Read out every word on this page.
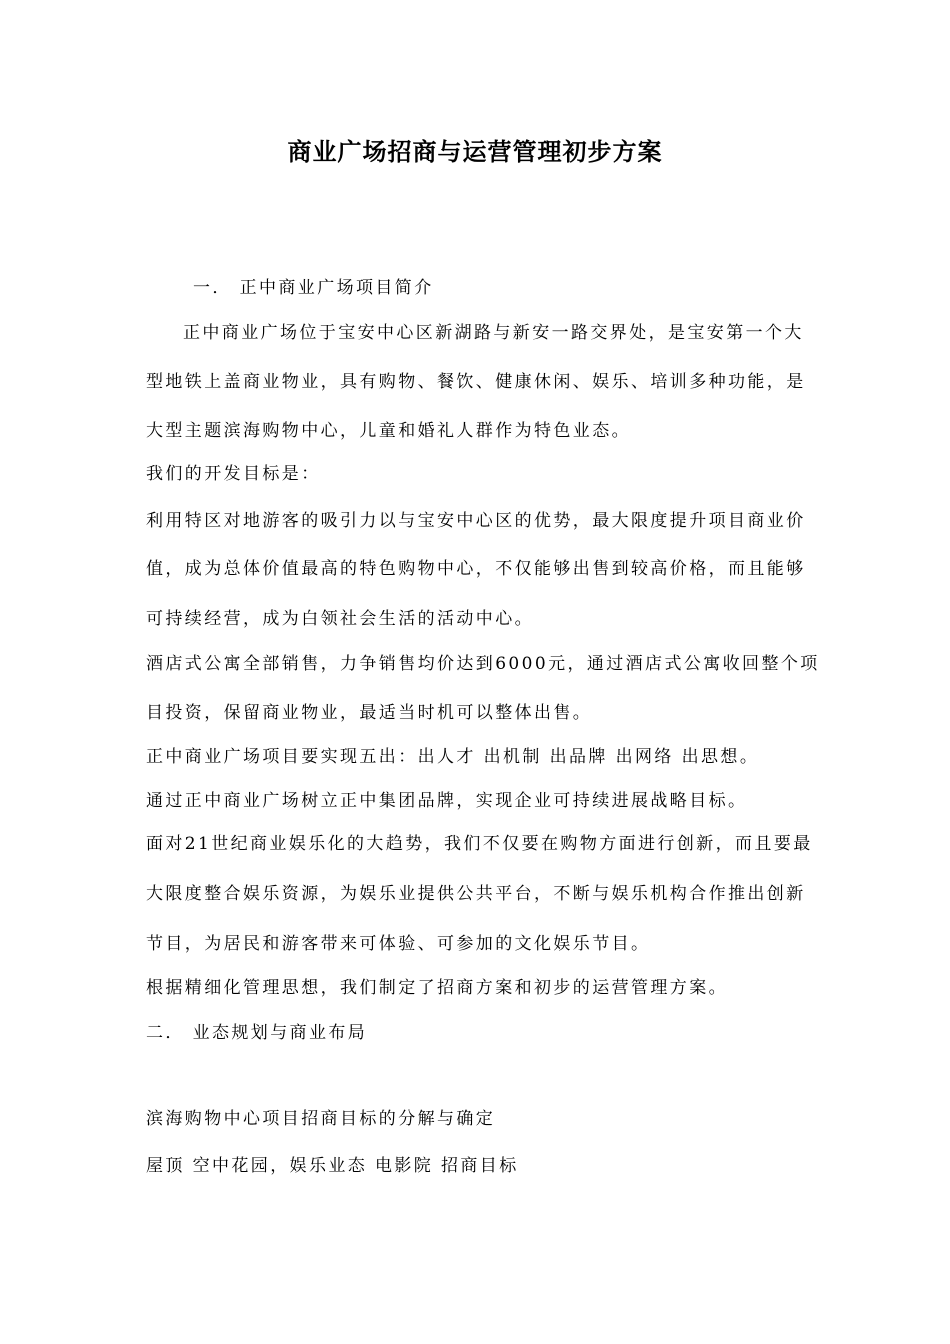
商业广场招商与运营管理初步方案
一． 正中商业广场项目简介
正中商业广场位于宝安中心区新湖路与新安一路交界处，是宝安第一个大
型地铁上盖商业物业，具有购物、餐饮、健康休闲、娱乐、培训多种功能，是
大型主题滨海购物中心，儿童和婚礼人群作为特色业态。
我们的开发目标是：
利用特区对地游客的吸引力以与宝安中心区的优势，最大限度提升项目商业价
值，成为总体价值最高的特色购物中心，不仅能够出售到较高价格，而且能够
可持续经营，成为白领社会生活的活动中心。
酒店式公寓全部销售，力争销售均价达到6000元，通过酒店式公寓收回整个项
目投资，保留商业物业，最适当时机可以整体出售。
正中商业广场项目要实现五出：出人才 出机制 出品牌 出网络 出思想。
通过正中商业广场树立正中集团品牌，实现企业可持续进展战略目标。
面对21世纪商业娱乐化的大趋势，我们不仅要在购物方面进行创新，而且要最
大限度整合娱乐资源，为娱乐业提供公共平台，不断与娱乐机构合作推出创新
节目，为居民和游客带来可体验、可参加的文化娱乐节目。
根据精细化管理思想，我们制定了招商方案和初步的运营管理方案。
二． 业态规划与商业布局
滨海购物中心项目招商目标的分解与确定
屋顶 空中花园，娱乐业态 电影院 招商目标
